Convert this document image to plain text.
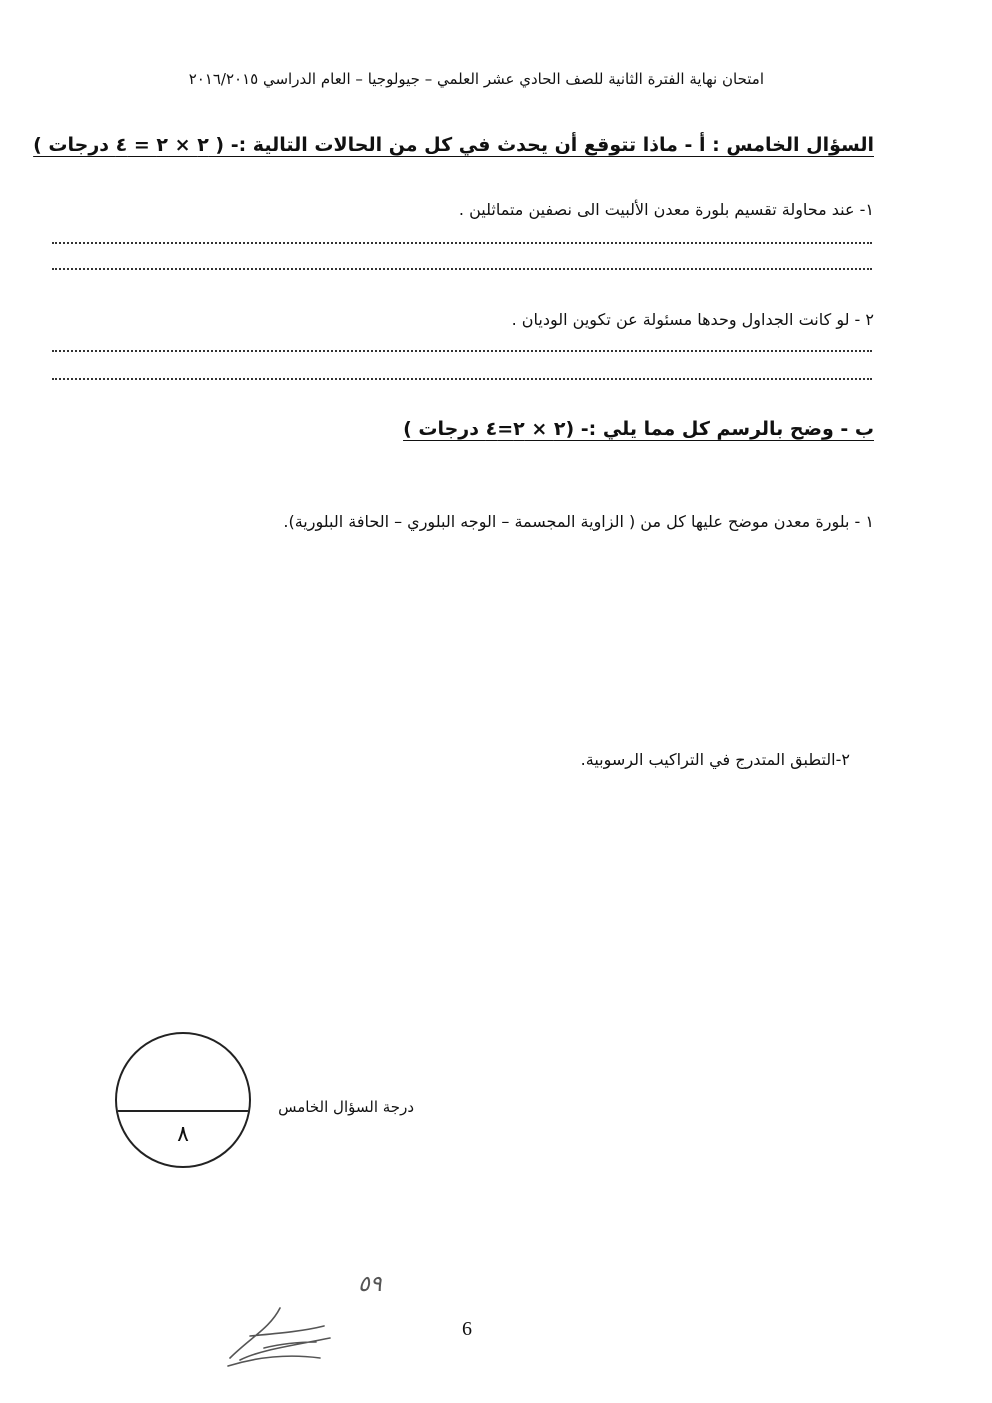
امتحان نهاية الفترة الثانية للصف الحادي عشر العلمي – جيولوجيا – العام الدراسي ٢٠١٦/٢٠١٥
السؤال الخامس : أ - ماذا تتوقع أن يحدث في كل من الحالات التالية :- ( ٢ × ٢ = ٤ درجات )
١- عند محاولة تقسيم بلورة معدن الألبيت الى نصفين متماثلين .
٢ - لو كانت الجداول وحدها مسئولة عن تكوين الوديان .
ب - وضح بالرسم كل مما يلي :- (٢ × ٢=٤ درجات )
١ - بلورة معدن موضح عليها كل من ( الزاوية المجسمة – الوجه البلوري – الحافة البلورية).
٢-التطبق المتدرج في التراكيب الرسوبية.
٨
درجة السؤال الخامس
٥٩
6
